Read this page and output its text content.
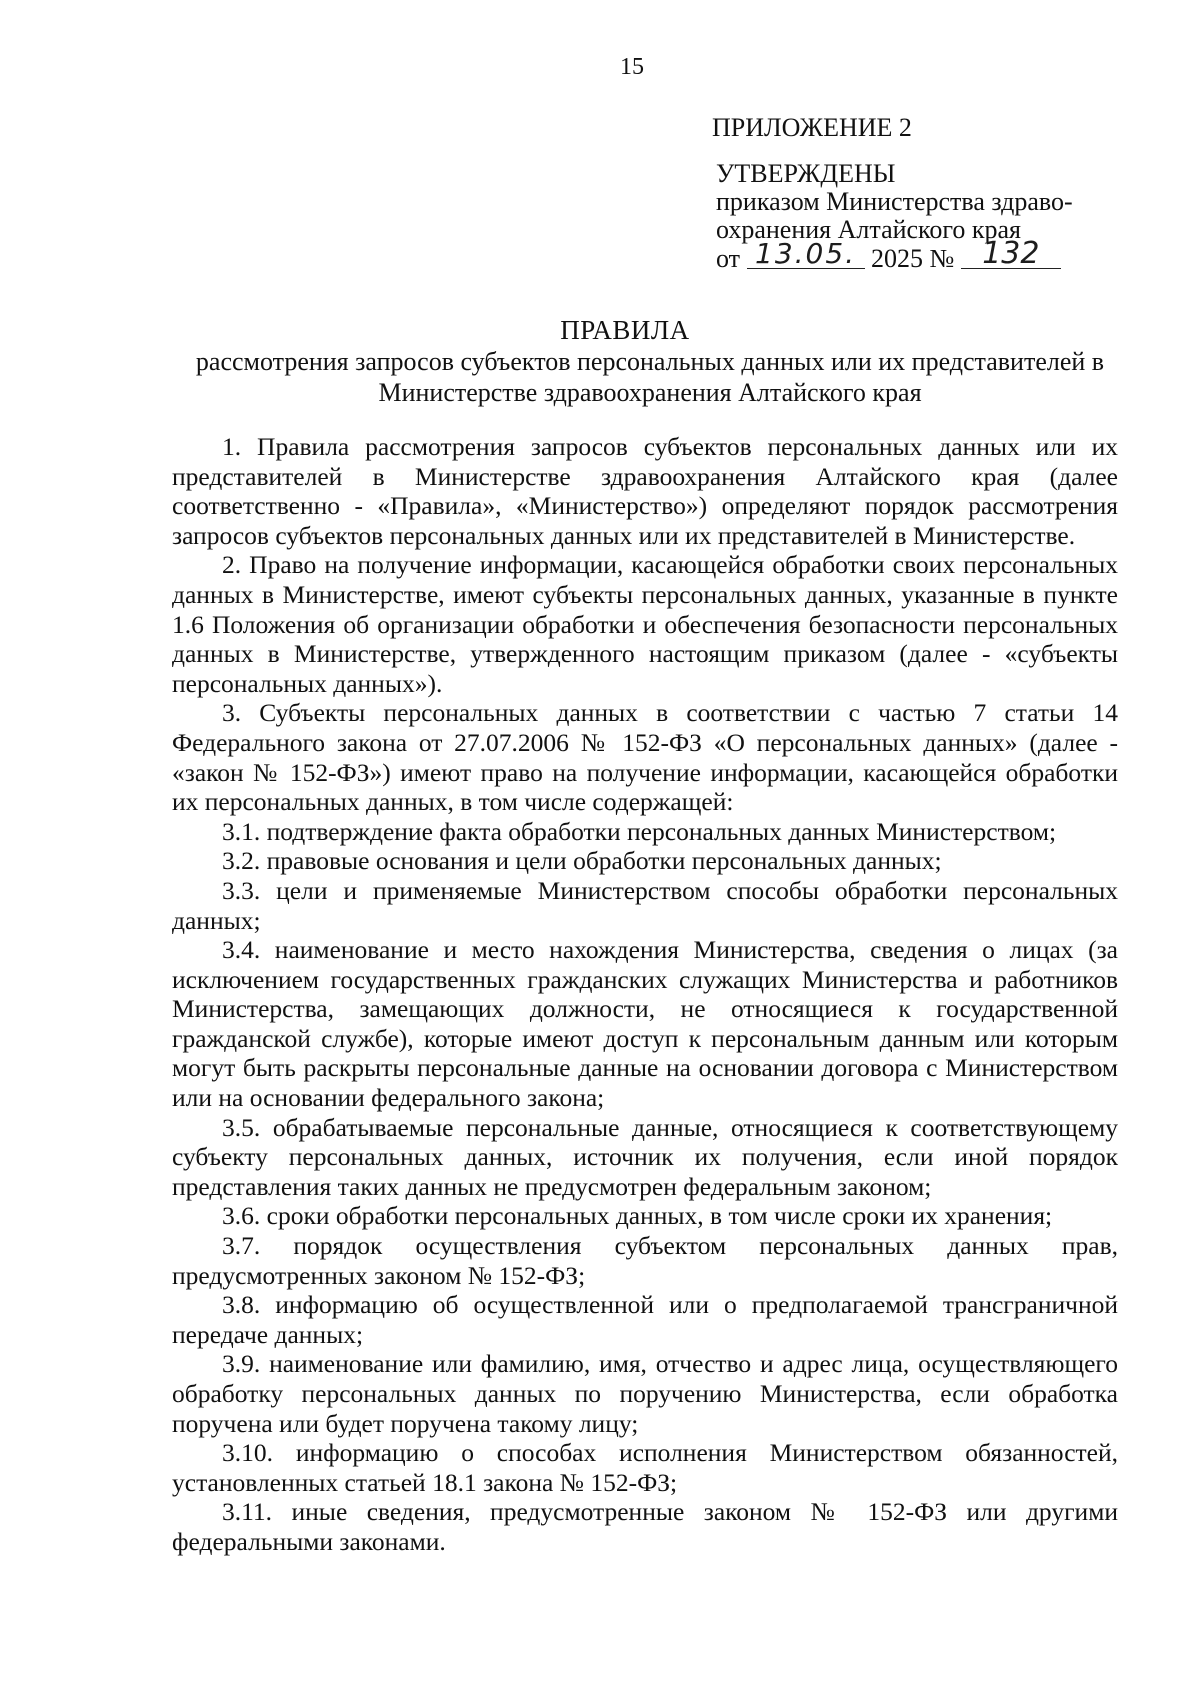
15
ПРИЛОЖЕНИЕ 2
УТВЕРЖДЕНЫ
приказом Министерства здраво-
охранения Алтайского края
от 13.05. 2025 № 132
ПРАВИЛА
рассмотрения запросов субъектов персональных данных или их представителей в
Министерстве здравоохранения Алтайского края

1. Правила рассмотрения запросов субъектов персональных данных или их представителей в Министерстве здравоохранения Алтайского края (далее соответственно - «Правила», «Министерство») определяют порядок рассмотрения запросов субъектов персональных данных или их представителей в Министерстве.

2. Право на получение информации, касающейся обработки своих персональных данных в Министерстве, имеют субъекты персональных данных, указанные в пункте 1.6 Положения об организации обработки и обеспечения безопасности персональных данных в Министерстве, утвержденного настоящим приказом (далее - «субъекты персональных данных»).

3. Субъекты персональных данных в соответствии с частью 7 статьи 14 Федерального закона от 27.07.2006 № 152-ФЗ «О персональных данных» (далее - «закон № 152-ФЗ») имеют право на получение информации, касающейся обработки их персональных данных, в том числе содержащей:

3.1. подтверждение факта обработки персональных данных Министерством;

3.2. правовые основания и цели обработки персональных данных;

3.3. цели и применяемые Министерством способы обработки персональных данных;

3.4. наименование и место нахождения Министерства, сведения о лицах (за исключением государственных гражданских служащих Министерства и работников Министерства, замещающих должности, не относящиеся к государственной гражданской службе), которые имеют доступ к персональным данным или которым могут быть раскрыты персональные данные на основании договора с Министерством или на основании федерального закона;

3.5. обрабатываемые персональные данные, относящиеся к соответствующему субъекту персональных данных, источник их получения, если иной порядок представления таких данных не предусмотрен федеральным законом;

3.6. сроки обработки персональных данных, в том числе сроки их хранения;

3.7. порядок осуществления субъектом персональных данных прав, предусмотренных законом № 152-ФЗ;

3.8. информацию об осуществленной или о предполагаемой трансграничной передаче данных;

3.9. наименование или фамилию, имя, отчество и адрес лица, осуществляющего обработку персональных данных по поручению Министерства, если обработка поручена или будет поручена такому лицу;

3.10. информацию о способах исполнения Министерством обязанностей, установленных статьей 18.1 закона № 152-ФЗ;

3.11. иные сведения, предусмотренные законом № 152-ФЗ или другими федеральными законами.
